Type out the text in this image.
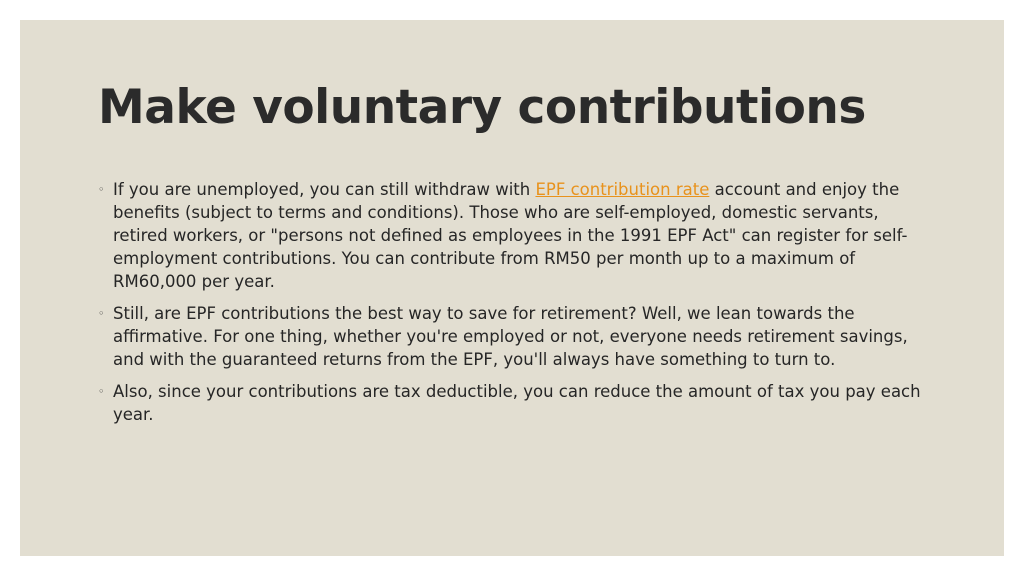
Make voluntary contributions
◦ If you are unemployed, you can still withdraw with EPF contribution rate account and enjoy the benefits (subject to terms and conditions). Those who are self-employed, domestic servants, retired workers, or "persons not defined as employees in the 1991 EPF Act" can register for self-employment contributions. You can contribute from RM50 per month up to a maximum of RM60,000 per year.
◦ Still, are EPF contributions the best way to save for retirement? Well, we lean towards the affirmative. For one thing, whether you're employed or not, everyone needs retirement savings, and with the guaranteed returns from the EPF, you'll always have something to turn to.
◦ Also, since your contributions are tax deductible, you can reduce the amount of tax you pay each year.
